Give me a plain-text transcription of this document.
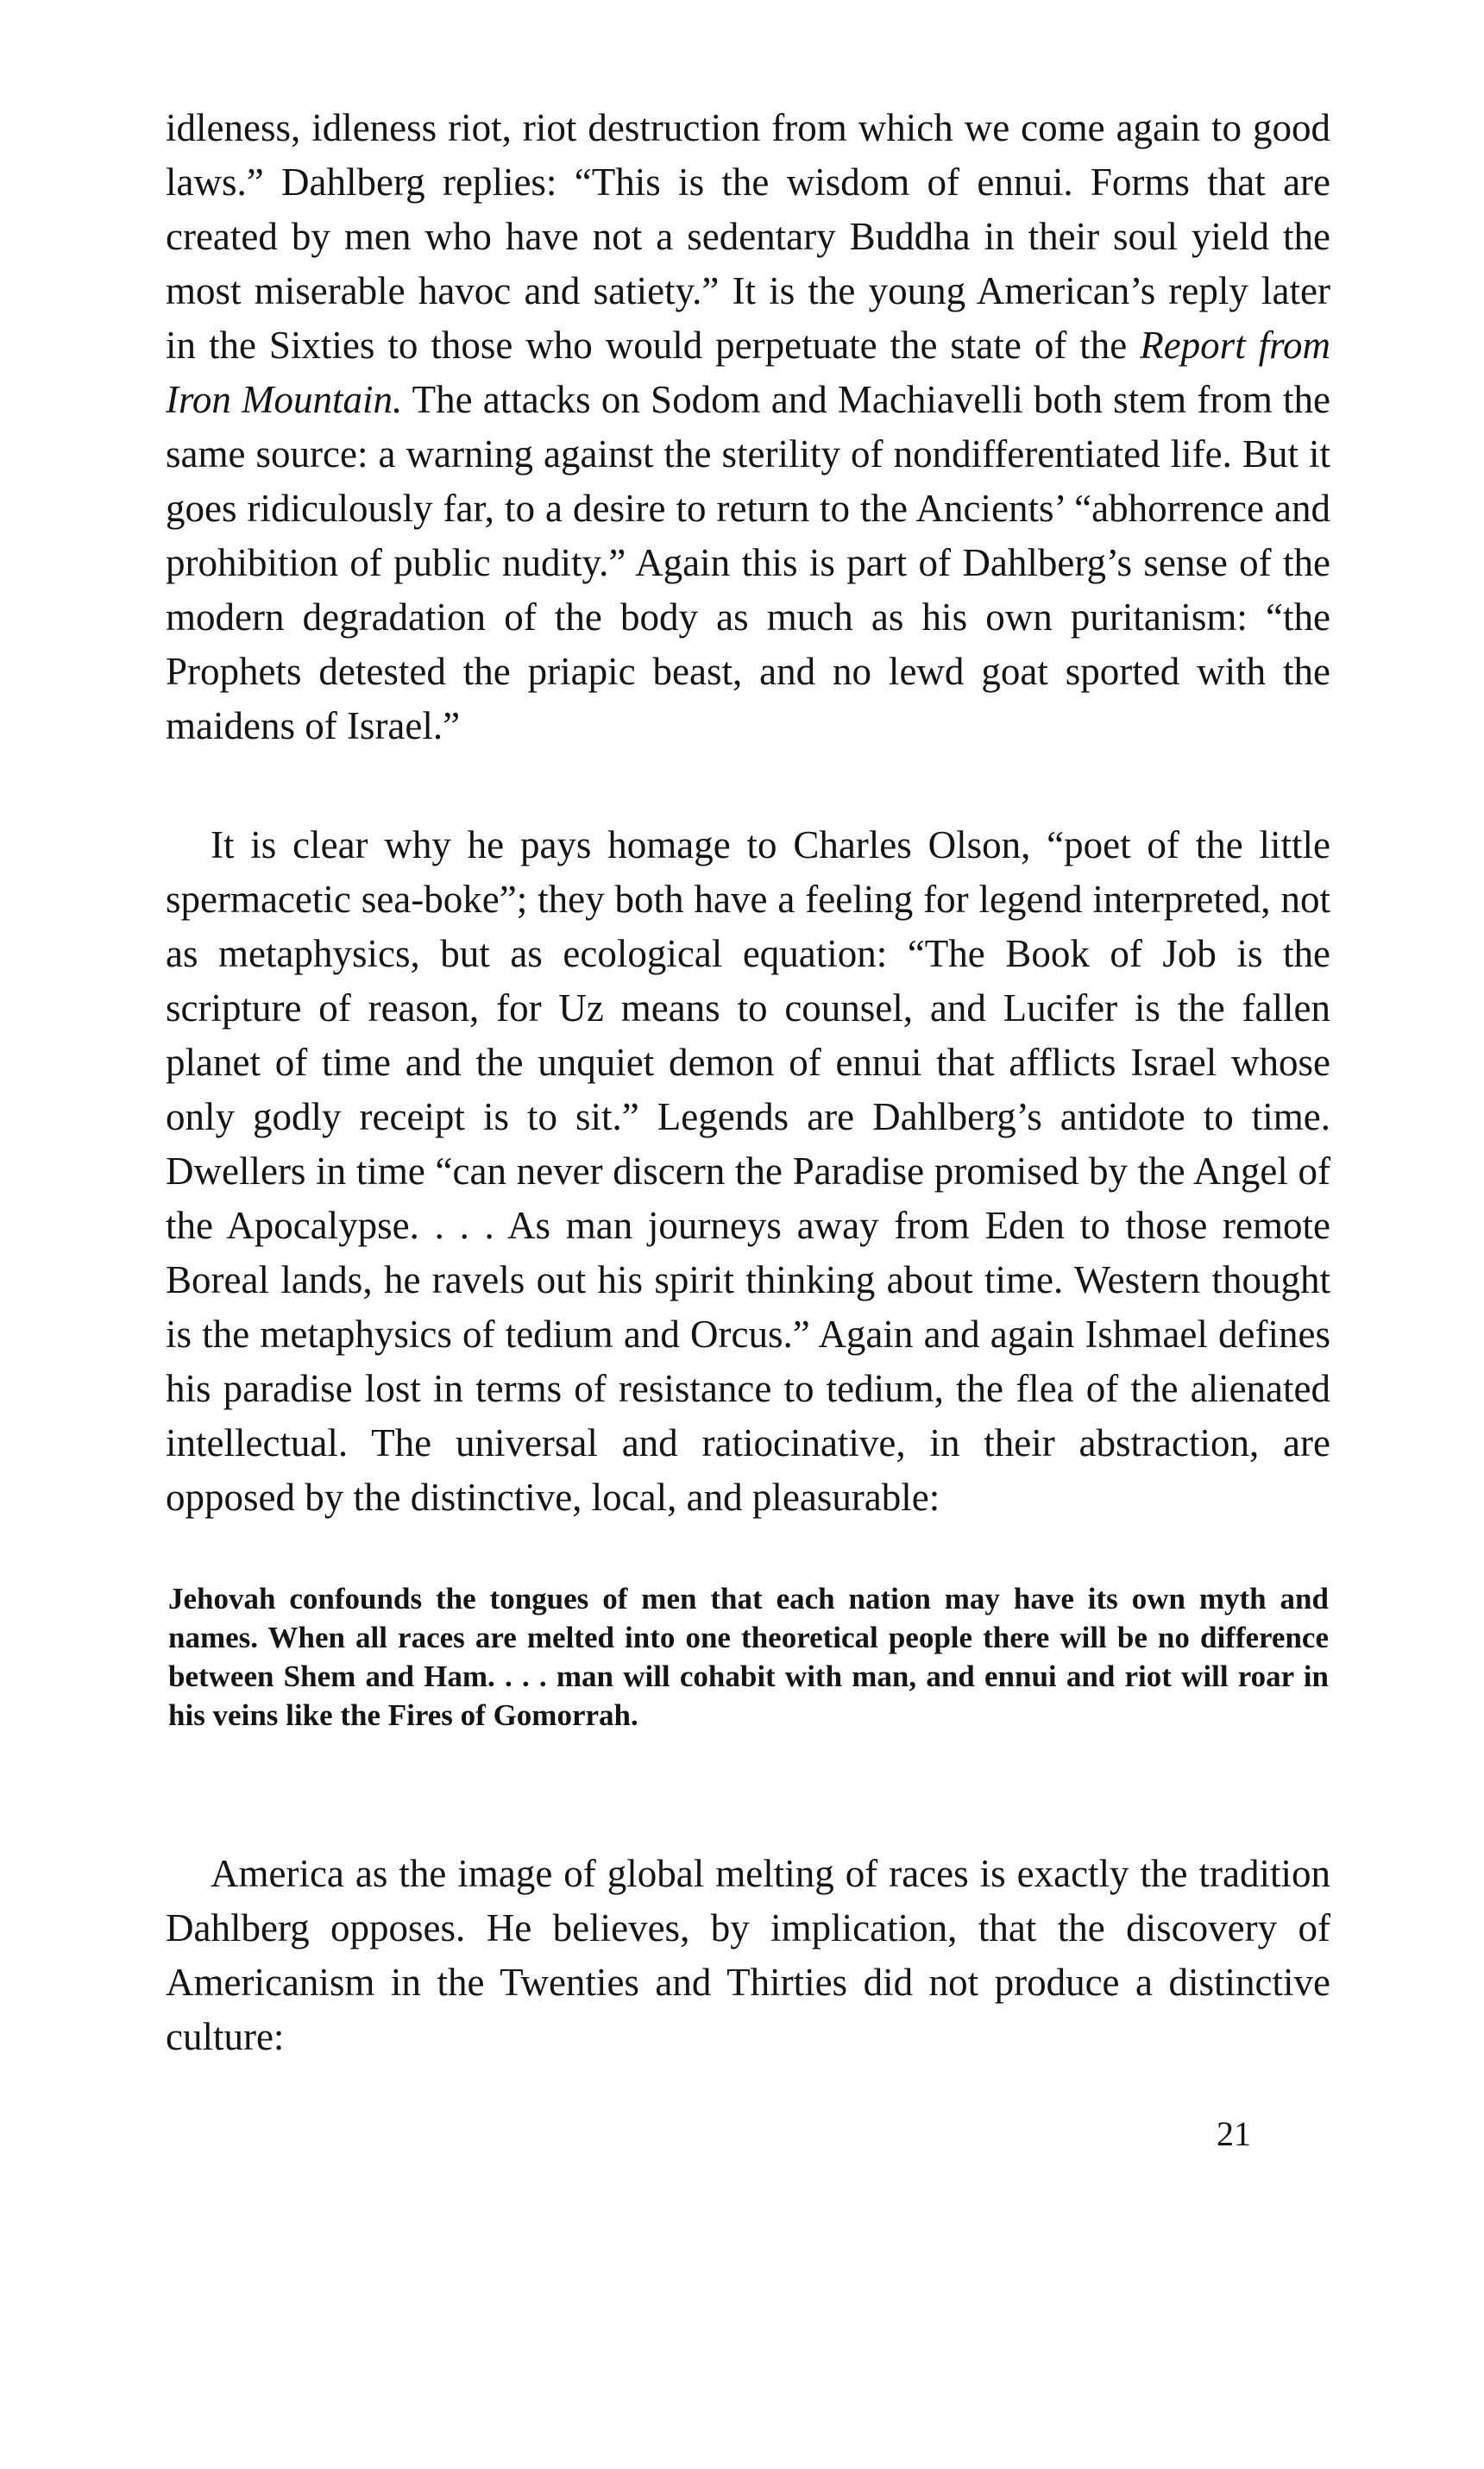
idleness, idleness riot, riot destruction from which we come again to good laws.” Dahlberg replies: “This is the wisdom of ennui. Forms that are created by men who have not a sedentary Buddha in their soul yield the most miserable havoc and satiety.” It is the young American’s reply later in the Sixties to those who would perpetuate the state of the Report from Iron Mountain. The attacks on Sodom and Machiavelli both stem from the same source: a warning against the sterility of nondifferentiated life. But it goes ridiculously far, to a desire to return to the Ancients’ “abhorrence and prohibition of public nudity.” Again this is part of Dahlberg’s sense of the modern degradation of the body as much as his own puritanism: “the Prophets detested the priapic beast, and no lewd goat sported with the maidens of Israel.”

It is clear why he pays homage to Charles Olson, “poet of the little spermacetic sea-boke”; they both have a feeling for legend interpreted, not as metaphysics, but as ecological equation: “The Book of Job is the scripture of reason, for Uz means to counsel, and Lucifer is the fallen planet of time and the unquiet demon of ennui that afflicts Israel whose only godly receipt is to sit.” Legends are Dahlberg’s antidote to time. Dwellers in time “can never discern the Paradise promised by the Angel of the Apocalypse. . . . As man journeys away from Eden to those remote Boreal lands, he ravels out his spirit thinking about time. Western thought is the metaphysics of tedium and Orcus.” Again and again Ishmael defines his paradise lost in terms of resistance to tedium, the flea of the alienated intellectual. The universal and ratiocinative, in their abstraction, are opposed by the distinctive, local, and pleasurable:

Jehovah confounds the tongues of men that each nation may have its own myth and names. When all races are melted into one theoretical people there will be no difference between Shem and Ham. . . . man will cohabit with man, and ennui and riot will roar in his veins like the Fires of Gomorrah.

America as the image of global melting of races is exactly the tradition Dahlberg opposes. He believes, by implication, that the discovery of Americanism in the Twenties and Thirties did not produce a distinctive culture:

21
